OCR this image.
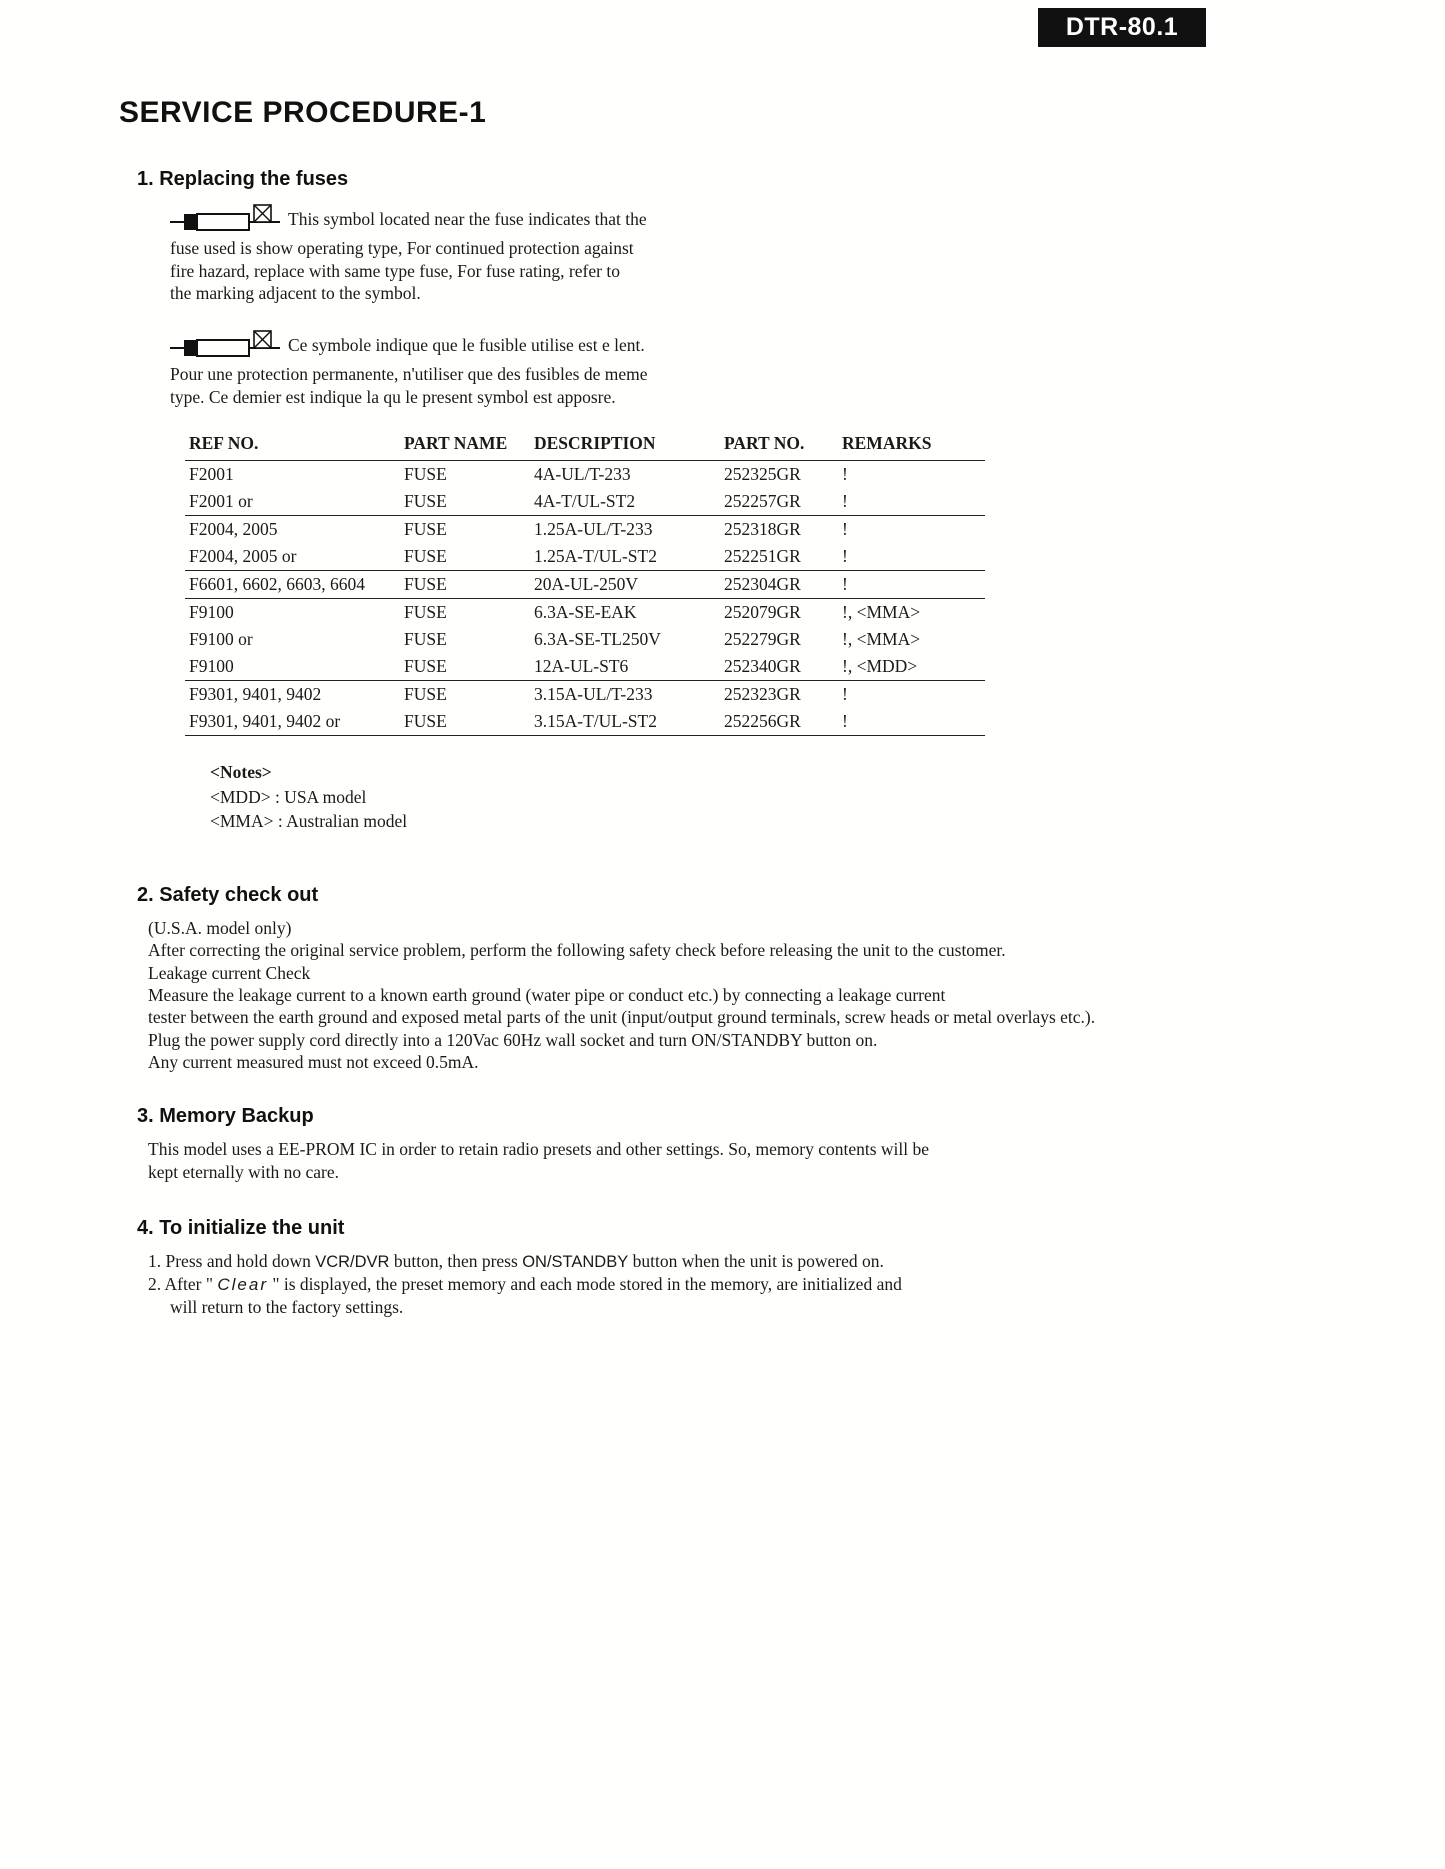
DTR-80.1
SERVICE PROCEDURE-1
1. Replacing the fuses
This symbol located near the fuse indicates that the
fuse used is show operating type, For continued protection against
fire hazard, replace with same type fuse, For fuse rating, refer to
the marking adjacent to the symbol.
Ce symbole indique que le fusible utilise est e lent.
Pour une protection permanente, n'utiliser que des fusibles de meme
type. Ce demier est indique la qu le present symbol est apposre.
REF NO.	PART NAME	DESCRIPTION	PART NO.	REMARKS
F2001	FUSE	4A-UL/T-233	252325GR	!
F2001 or	FUSE	4A-T/UL-ST2	252257GR	!
F2004, 2005	FUSE	1.25A-UL/T-233	252318GR	!
F2004, 2005 or	FUSE	1.25A-T/UL-ST2	252251GR	!
F6601, 6602, 6603, 6604	FUSE	20A-UL-250V	252304GR	!
F9100	FUSE	6.3A-SE-EAK	252079GR	!, <MMA>
F9100 or	FUSE	6.3A-SE-TL250V	252279GR	!, <MMA>
F9100	FUSE	12A-UL-ST6	252340GR	!, <MDD>
F9301, 9401, 9402	FUSE	3.15A-UL/T-233	252323GR	!
F9301, 9401, 9402 or	FUSE	3.15A-T/UL-ST2	252256GR	!
<Notes>
<MDD> : USA model
<MMA> : Australian model
2. Safety check out
(U.S.A. model only)
After correcting the original service problem, perform the following safety check before releasing the unit to the customer.
Leakage current Check
Measure the leakage current to a known earth ground (water pipe or conduct etc.) by connecting a leakage current
tester between the earth ground and exposed metal parts of the unit (input/output ground terminals, screw heads or metal overlays etc.).
Plug the power supply cord directly into a 120Vac 60Hz wall socket and turn ON/STANDBY button on.
Any current measured must not exceed 0.5mA.
3. Memory Backup
This model uses a EE-PROM IC in order to retain radio presets and other settings. So, memory contents will be
kept eternally with no care.
4. To initialize the unit
1. Press and hold down VCR/DVR button, then press ON/STANDBY button when the unit is powered on.
2. After " Clear " is displayed, the preset memory and each mode stored in the memory, are initialized and
will return to the factory settings.
